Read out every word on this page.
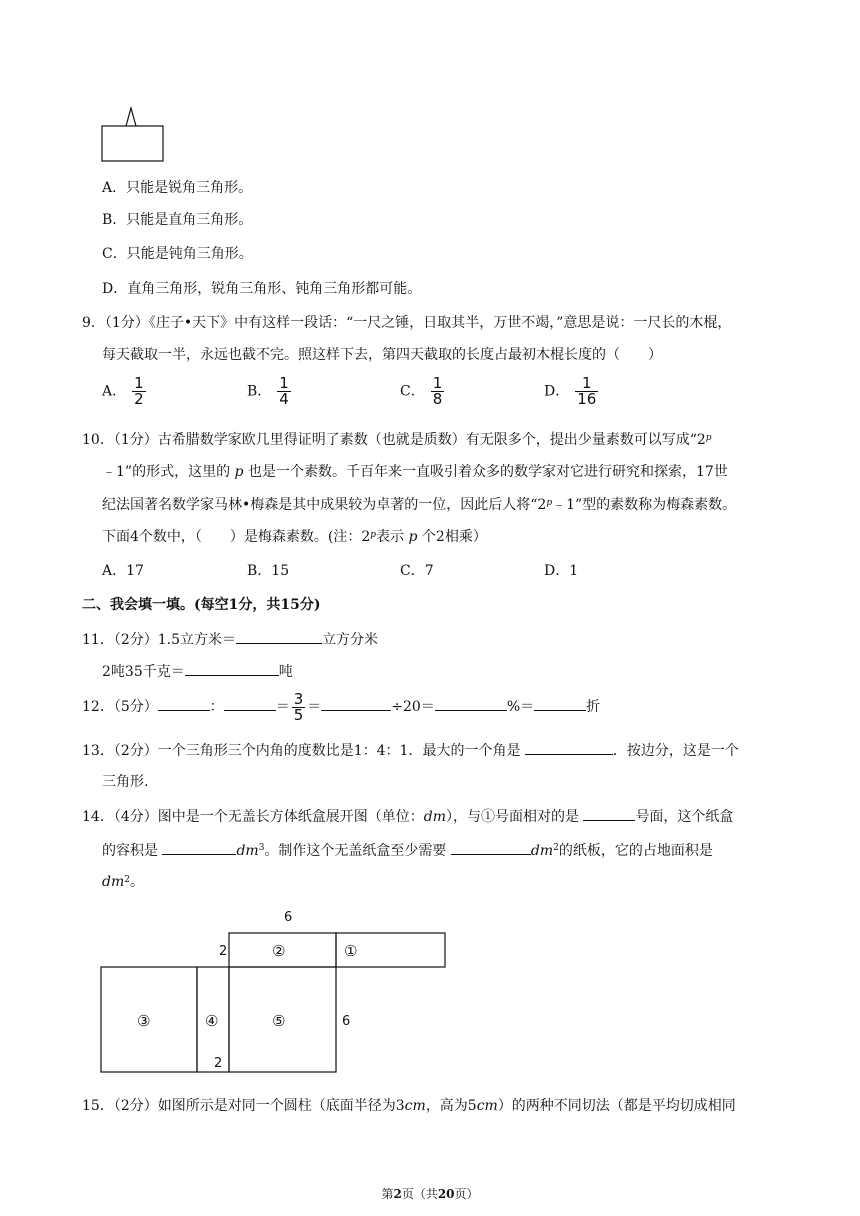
A．只能是锐角三角形。
B．只能是直角三角形。
C．只能是钝角三角形。
D．直角三角形，锐角三角形、钝角三角形都可能。
9．（1分）《庄子•天下》中有这样一段话：“一尺之锤，日取其半，万世不竭，”意思是说：一尺长的木棍，
每天截取一半，永远也截不完。照这样下去，第四天截取的长度占最初木棍长度的（　　）
A． $\frac{1}{2}$	B． $\frac{1}{4}$	C． $\frac{1}{8}$	D． $\frac{1}{16}$
10．（1分）古希腊数学家欧几里得证明了素数（也就是质数）有无限多个，提出少量素数可以写成“2$^p$
﹣1”的形式，这里的 p 也是一个素数。千百年来一直吸引着众多的数学家对它进行研究和探索，17世
纪法国著名数学家马林•梅森是其中成果较为卓著的一位，因此后人将“2$^p$﹣1”型的素数称为梅森素数。
下面4个数中，（　　）是梅森素数。(注：2$^p$表示 p 个2相乘）
A．17	B．15	C．7	D．1
二、我会填一填。(每空1分，共15分)
11．（2分）1.5立方米＝	立方分米
2吨35千克＝	吨
12．（5分）	：	＝ $\frac{3}{5}$ ＝	÷20＝	%＝	折
13．（2分）一个三角形三个内角的度数比是1：4：1．最大的一个角是	．按边分，这是一个
三角形.
14．（4分）图中是一个无盖长方体纸盒展开图（单位：dm），与①号面相对的是	号面，这个纸盒
的容积是	$dm^3$。制作这个无盖纸盒至少需要	$dm^2$的纸板，它的占地面积是
$dm^2$。
6
2
6
2
①
②
③	④	⑤
15．（2分）如图所示是对同一个圆柱（底面半径为3cm，高为5cm）的两种不同切法（都是平均切成相同
第2页（共20页）
